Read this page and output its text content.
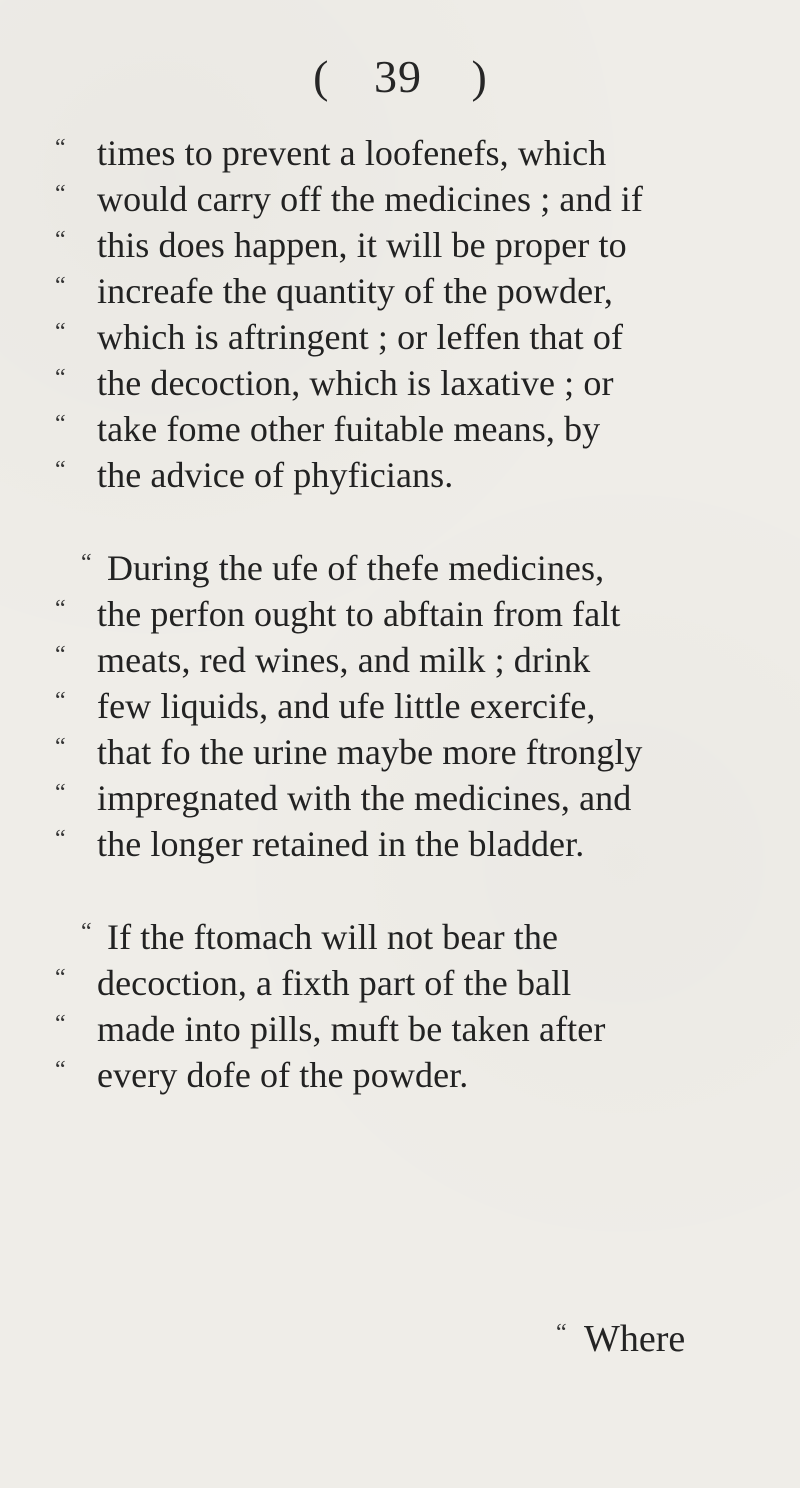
( 39 )
“ times to prevent a loofenefs, which
“ would carry off the medicines ; and if
“ this does happen, it will be proper to
“ increafe the quantity of the powder,
“ which is aftringent ; or leffen that of
“ the decoction, which is laxative ; or
“ take fome other fuitable means, by
“ the advice of phyficians.
“ During the ufe of thefe medicines,
“ the perfon ought to abftain from falt
“ meats, red wines, and milk ; drink
“ few liquids, and ufe little exercife,
“ that fo the urine maybe more ftrongly
“ impregnated with the medicines, and
“ the longer retained in the bladder.
“ If the ftomach will not bear the
“ decoction, a fixth part of the ball
“ made into pills, muft be taken after
“ every dofe of the powder.
“ Where
